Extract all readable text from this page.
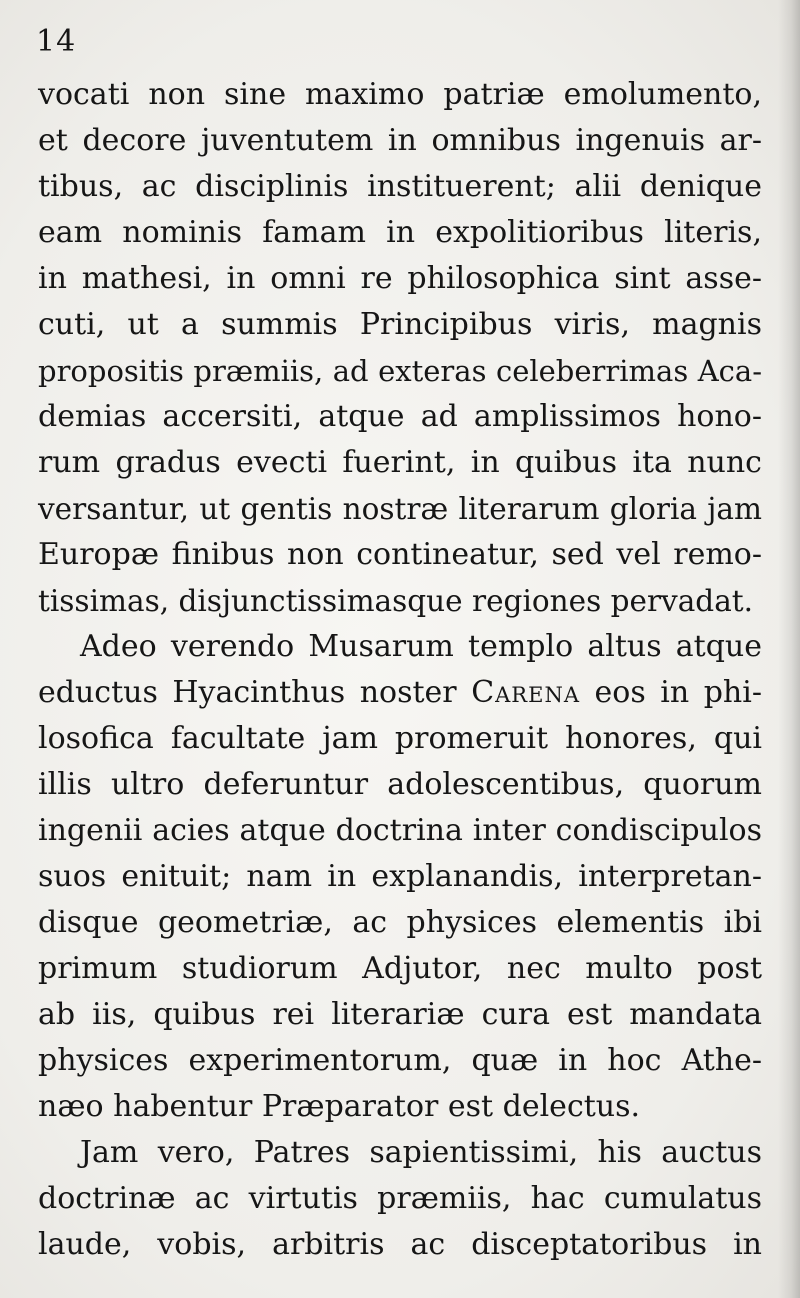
14
vocati non sine maximo patriæ emolumento,
et decore juventutem in omnibus ingenuis ar-
tibus, ac disciplinis instituerent; alii denique
eam nominis famam in expolitioribus literis,
in mathesi, in omni re philosophica sint asse-
cuti, ut a summis Principibus viris, magnis
propositis præmiis, ad exteras celeberrimas Aca-
demias accersiti, atque ad amplissimos hono-
rum gradus evecti fuerint, in quibus ita nunc
versantur, ut gentis nostræ literarum gloria jam
Europæ finibus non contineatur, sed vel remo-
tissimas, disjunctissimasque regiones pervadat.
Adeo verendo Musarum templo altus atque
eductus Hyacinthus noster Carena eos in phi-
losofica facultate jam promeruit honores, qui
illis ultro deferuntur adolescentibus, quorum
ingenii acies atque doctrina inter condiscipulos
suos enituit; nam in explanandis, interpretan-
disque geometriæ, ac physices elementis ibi
primum studiorum Adjutor, nec multo post
ab iis, quibus rei literariæ cura est mandata
physices experimentorum, quæ in hoc Athe-
næo habentur Præparator est delectus.
Jam vero, Patres sapientissimi, his auctus
doctrinæ ac virtutis præmiis, hac cumulatus
laude, vobis, arbitris ac disceptatoribus in
